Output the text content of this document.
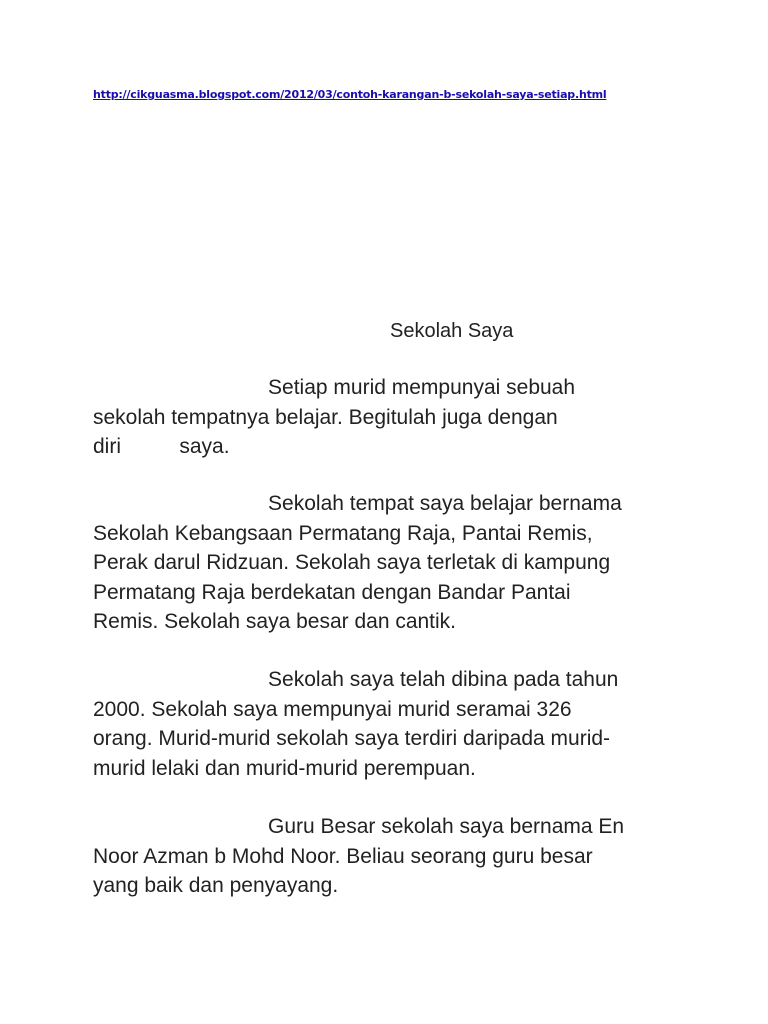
http://cikguasma.blogspot.com/2012/03/contoh-karangan-b-sekolah-saya-setiap.html
Sekolah Saya
Setiap murid mempunyai sebuah
sekolah tempatnya belajar. Begitulah juga dengan
diri          saya.
Sekolah tempat saya belajar bernama
Sekolah Kebangsaan Permatang Raja, Pantai Remis,
Perak darul Ridzuan. Sekolah saya terletak di kampung
Permatang Raja berdekatan dengan Bandar Pantai
Remis. Sekolah saya besar dan cantik.
Sekolah saya telah dibina pada tahun
2000. Sekolah saya mempunyai murid seramai 326
orang. Murid-murid sekolah saya terdiri daripada murid-
murid lelaki dan murid-murid perempuan.
Guru Besar sekolah saya bernama En
Noor Azman b Mohd Noor. Beliau seorang guru besar
yang baik dan penyayang.
